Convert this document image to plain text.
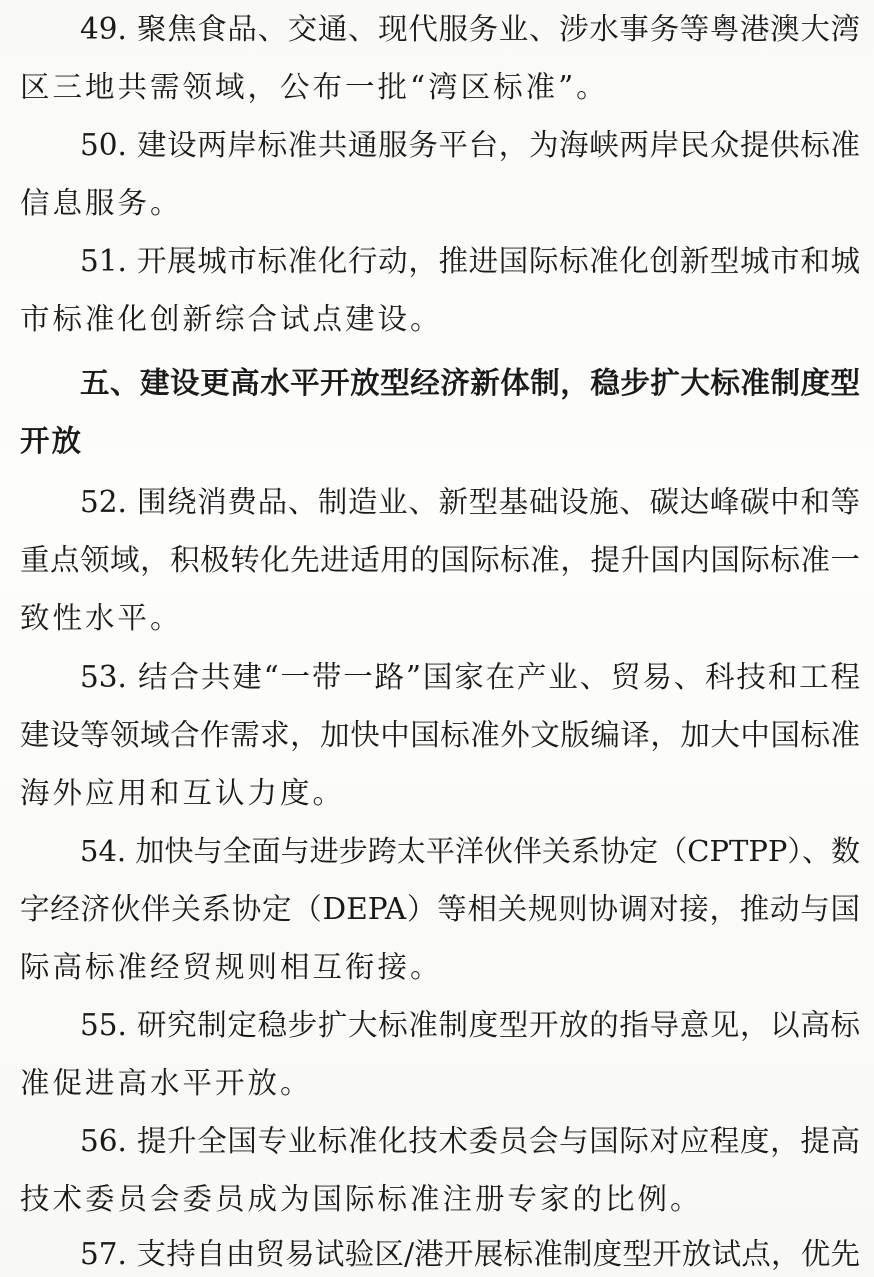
49. 聚焦食品、交通、现代服务业、涉水事务等粤港澳大湾
区三地共需领域，公布一批“湾区标准”。
50. 建设两岸标准共通服务平台，为海峡两岸民众提供标准
信息服务。
51. 开展城市标准化行动，推进国际标准化创新型城市和城
市标准化创新综合试点建设。
五、建设更高水平开放型经济新体制，稳步扩大标准制度型
开放
52. 围绕消费品、制造业、新型基础设施、碳达峰碳中和等
重点领域，积极转化先进适用的国际标准，提升国内国际标准一
致性水平。
53. 结合共建“一带一路”国家在产业、贸易、科技和工程
建设等领域合作需求，加快中国标准外文版编译，加大中国标准
海外应用和互认力度。
54. 加快与全面与进步跨太平洋伙伴关系协定（CPTPP）、数
字经济伙伴关系协定（DEPA）等相关规则协调对接，推动与国
际高标准经贸规则相互衔接。
55. 研究制定稳步扩大标准制度型开放的指导意见，以高标
准促进高水平开放。
56. 提升全国专业标准化技术委员会与国际对应程度，提高
技术委员会委员成为国际标准注册专家的比例。
57. 支持自由贸易试验区/港开展标准制度型开放试点，优先
